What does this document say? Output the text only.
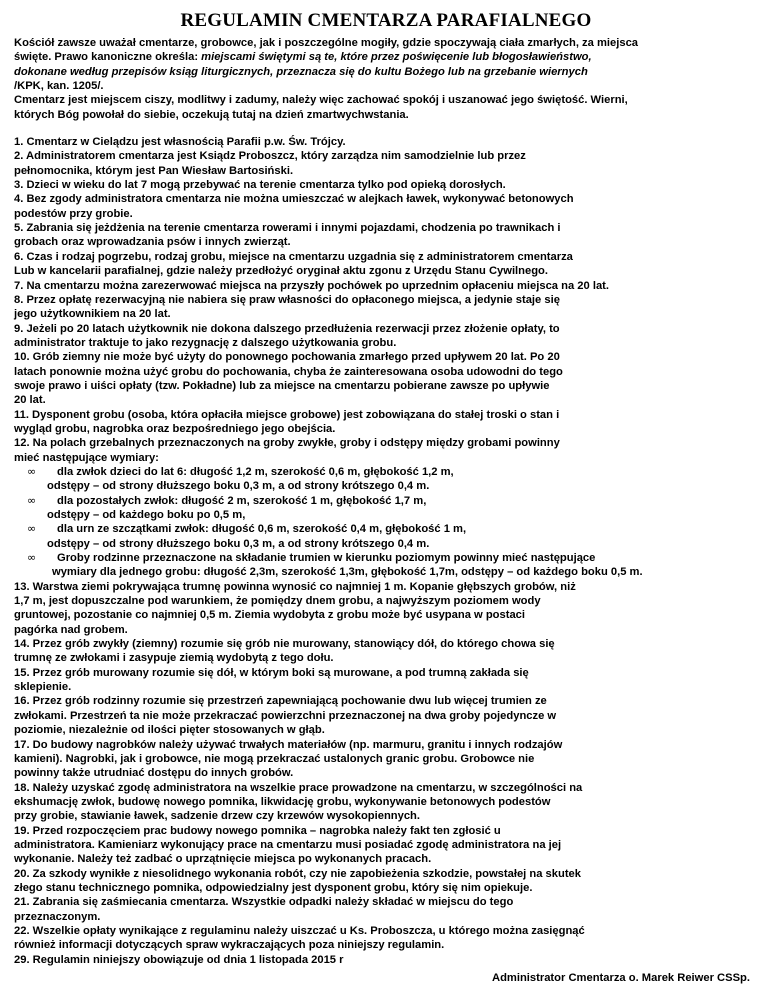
REGULAMIN CMENTARZA PARAFIALNEGO

Kościół zawsze uważał cmentarze, grobowce, jak i poszczególne mogiły, gdzie spoczywają ciała zmarłych, za miejsca

święte. Prawo kanoniczne określa: miejscami świętymi są te, które przez poświęcenie lub błogosławieństwo,

dokonane według przepisów ksiąg liturgicznych, przeznacza się do kultu Bożego lub na grzebanie wiernych

/KPK, kan. 1205/.

Cmentarz jest miejscem ciszy, modlitwy i zadumy, należy więc zachować spokój i uszanować jego świętość. Wierni,

których Bóg powołał do siebie, oczekują tutaj na dzień zmartwychwstania.

1. Cmentarz w Cielądzu jest własnością Parafii p.w. Św. Trójcy.

2. Administratorem cmentarza jest Ksiądz Proboszcz, który zarządza nim samodzielnie lub przez

pełnomocnika, którym jest Pan Wiesław Bartosiński.

3. Dzieci w wieku do lat 7 mogą przebywać na terenie cmentarza tylko pod opieką dorosłych.

4. Bez zgody administratora cmentarza nie można umieszczać w alejkach ławek, wykonywać betonowych

podestów przy grobie.

5. Zabrania się jeżdżenia na terenie cmentarza rowerami i innymi pojazdami, chodzenia po trawnikach i

grobach oraz wprowadzania psów i innych zwierząt.

6. Czas i rodzaj pogrzebu, rodzaj grobu, miejsce na cmentarzu uzgadnia się z administratorem cmentarza

Lub w kancelarii parafialnej, gdzie należy przedłożyć oryginał aktu zgonu z Urzędu Stanu Cywilnego.

7. Na cmentarzu można zarezerwować miejsca na przyszły pochówek po uprzednim opłaceniu miejsca na 20 lat.

8. Przez opłatę rezerwacyjną nie nabiera się praw własności do opłaconego miejsca, a jedynie staje się

jego użytkownikiem na 20 lat.

9. Jeżeli po 20 latach użytkownik nie dokona dalszego przedłużenia rezerwacji przez złożenie opłaty, to

administrator traktuje to jako rezygnację z dalszego użytkowania grobu.

10. Grób ziemny nie może być użyty do ponownego pochowania zmarłego przed upływem 20 lat. Po 20

latach ponownie można użyć grobu do pochowania, chyba że zainteresowana osoba udowodni do tego

swoje prawo i uiści opłaty (tzw. Pokładne) lub za miejsce na cmentarzu pobierane zawsze po upływie

20 lat.

11. Dysponent grobu (osoba, która opłaciła miejsce grobowe) jest zobowiązana do stałej troski o stan i

wygląd grobu, nagrobka oraz bezpośredniego jego obejścia.

12. Na polach grzebalnych przeznaczonych na groby zwykłe, groby i odstępy między grobami powinny

mieć następujące wymiary:

∞ dla zwłok dzieci do lat 6: długość 1,2 m, szerokość 0,6 m, głębokość 1,2 m,
odstępy – od strony dłuższego boku 0,3 m, a od strony krótszego 0,4 m.
∞ dla pozostałych zwłok: długość 2 m, szerokość 1 m, głębokość 1,7 m,
odstępy – od każdego boku po 0,5 m,
∞ dla urn ze szczątkami zwłok: długość 0,6 m, szerokość 0,4 m, głębokość 1 m,
odstępy – od strony dłuższego boku 0,3 m, a od strony krótszego 0,4 m.
∞ Groby rodzinne przeznaczone na składanie trumien w kierunku poziomym powinny mieć następujące
wymiary dla jednego grobu: długość 2,3m, szerokość 1,3m, głębokość 1,7m, odstępy – od każdego boku 0,5 m.

13. Warstwa ziemi pokrywająca trumnę powinna wynosić co najmniej 1 m. Kopanie głębszych grobów, niż

1,7 m, jest dopuszczalne pod warunkiem, że pomiędzy dnem grobu, a najwyższym poziomem wody

gruntowej, pozostanie co najmniej 0,5 m. Ziemia wydobyta z grobu może być usypana w postaci

pagórka nad grobem.

14. Przez grób zwykły (ziemny) rozumie się grób nie murowany, stanowiący dół, do którego chowa się

trumnę ze zwłokami i zasypuje ziemią wydobytą z tego dołu.

15. Przez grób murowany rozumie się dół, w którym boki są murowane, a pod trumną zakłada się

sklepienie.

16. Przez grób rodzinny rozumie się przestrzeń zapewniającą pochowanie dwu lub więcej trumien ze

zwłokami. Przestrzeń ta nie może przekraczać powierzchni przeznaczonej na dwa groby pojedyncze w

poziomie, niezależnie od ilości pięter stosowanych w głąb.

17. Do budowy nagrobków należy używać trwałych materiałów (np. marmuru, granitu i innych rodzajów

kamieni). Nagrobki, jak i grobowce, nie mogą przekraczać ustalonych granic grobu. Grobowce nie

powinny także utrudniać dostępu do innych grobów.

18. Należy uzyskać zgodę administratora na wszelkie prace prowadzone na cmentarzu, w szczególności na

ekshumację zwłok, budowę nowego pomnika, likwidację grobu, wykonywanie betonowych podestów

przy grobie, stawianie ławek, sadzenie drzew czy krzewów wysokopiennych.

19. Przed rozpoczęciem prac budowy nowego pomnika – nagrobka należy fakt ten zgłosić u

administratora. Kamieniarz wykonujący prace na cmentarzu musi posiadać zgodę administratora na jej

wykonanie. Należy też zadbać o uprzątnięcie miejsca po wykonanych pracach.

20. Za szkody wynikłe z niesolidnego wykonania robót, czy nie zapobieżenia szkodzie, powstałej na skutek

złego stanu technicznego pomnika, odpowiedzialny jest dysponent grobu, który się nim opiekuje.

21. Zabrania się zaśmiecania cmentarza. Wszystkie odpadki należy składać w miejscu do tego

przeznaczonym.

22. Wszelkie opłaty wynikające z regulaminu należy uiszczać u Ks. Proboszcza, u którego można zasięgnąć

również informacji dotyczących spraw wykraczających poza niniejszy regulamin.

29. Regulamin niniejszy obowiązuje od dnia 1 listopada 2015 r

Administrator Cmentarza o. Marek Reiwer CSSp.
